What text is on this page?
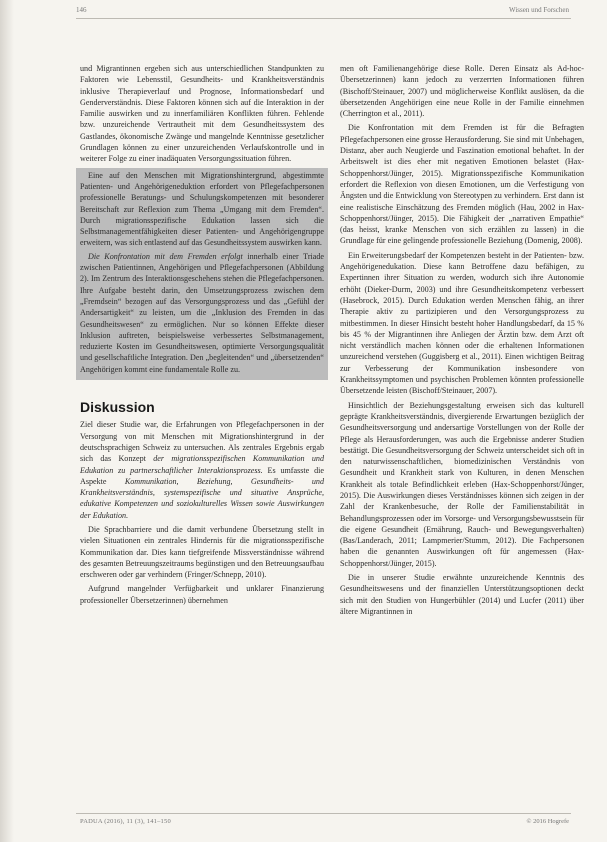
146	Wissen und Forschen

und Migrantinnen ergeben sich aus unterschiedlichen Standpunkten zu Faktoren wie Lebensstil, Gesundheits- und Krankheitsverständnis inklusive Therapieverlauf und Prognose, Informationsbedarf und Genderverständnis. Diese Faktoren können sich auf die Interaktion in der Familie auswirken und zu innerfamiliären Konflikten führen. Fehlende bzw. unzureichende Vertrautheit mit dem Gesundheitssystem des Gastlandes, ökonomische Zwänge und mangelnde Kenntnisse gesetzlicher Grundlagen können zu einer unzureichenden Verlaufskontrolle und in weiterer Folge zu einer inadäquaten Versorgungssituation führen.

Eine auf den Menschen mit Migrationshintergrund, abgestimmte Patienten- und Angehörigeneduktion erfordert von Pflegefachpersonen professionelle Beratungs- und Schulungskompetenzen mit besonderer Bereitschaft zur Reflexion zum Thema „Umgang mit dem Fremden“. Durch migrationsspezifische Edukation lassen sich die Selbstmanagementfähigkeiten dieser Patienten- und Angehörigengruppe erweitern, was sich entlastend auf das Gesundheitssystem auswirken kann.

Die Konfrontation mit dem Fremden erfolgt innerhalb einer Triade zwischen Patientinnen, Angehörigen und Pflegefachpersonen (Abbildung 2). Im Zentrum des Interaktionsgeschehens stehen die Pflegefachpersonen. Ihre Aufgabe besteht darin, den Umsetzungsprozess zwischen dem „Fremdsein“ bezogen auf das Versorgungsprozess und das „Gefühl der Andersartigkeit“ zu leisten, um die „Inklusion des Fremden in das Gesundheitswesen“ zu ermöglichen. Nur so können Effekte dieser Inklusion auftreten, beispielsweise verbessertes Selbstmanagement, reduzierte Kosten im Gesundheitswesen, optimierte Versorgungsqualität und gesellschaftliche Integration. Den „begleitenden“ und „übersetzenden“ Angehörigen kommt eine fundamentale Rolle zu.

Diskussion

Ziel dieser Studie war, die Erfahrungen von Pflegefachpersonen in der Versorgung von mit Menschen mit Migrationshintergrund in der deutschsprachigen Schweiz zu untersuchen. Als zentrales Ergebnis ergab sich das Konzept der migrationsspezifischen Kommunikation und Edukation zu partnerschaftlicher Interaktionsprozess. Es umfasste die Aspekte Kommunikation, Beziehung, Gesundheits- und Krankheitsverständnis, systemspezifische und situative Ansprüche, edukative Kompetenzen und soziokulturelles Wissen sowie Auswirkungen der Edukation.

Die Sprachbarriere und die damit verbundene Übersetzung stellt in vielen Situationen ein zentrales Hindernis für die migrationsspezifische Kommunikation dar. Dies kann tiefgreifende Missverständnisse während des gesamten Betreuungszeitraums begünstigen und den Betreuungsaufbau erschweren oder gar verhindern (Fringer/Schnepp, 2010).

Aufgrund mangelnder Verfügbarkeit und unklarer Finanzierung professioneller Übersetzerinnen) übernehmen

men oft Familienangehörige diese Rolle. Deren Einsatz als Ad-hoc-Übersetzerinnen) kann jedoch zu verzerrten Informationen führen (Bischoff/Steinauer, 2007) und möglicherweise Konflikt auslösen, da die übersetzenden Angehörigen eine neue Rolle in der Familie einnehmen (Cherrington et al., 2011).

Die Konfrontation mit dem Fremden ist für die Befragten Pflegefachpersonen eine grosse Herausforderung. Sie sind mit Unbehagen, Distanz, aber auch Neugierde und Faszination emotional behaftet. In der Arbeitswelt ist dies eher mit negativen Emotionen belastet (Hax-Schoppenhorst/Jünger, 2015). Migrationsspezifische Kommunikation erfordert die Reflexion von diesen Emotionen, um die Verfestigung von Ängsten und die Entwicklung von Stereotypen zu verhindern. Erst dann ist eine realistische Einschätzung des Fremden möglich (Hau, 2002 in Hax-Schoppenhorst/Jünger, 2015). Die Fähigkeit der „narrativen Empathie“ (das heisst, kranke Menschen von sich erzählen zu lassen) in die Grundlage für eine gelingende professionelle Beziehung (Domenig, 2008).

Ein Erweiterungsbedarf der Kompetenzen besteht in der Patienten- bzw. Angehörigenedukation. Diese kann Betroffene dazu befähigen, zu Expertinnen ihrer Situation zu werden, wodurch sich ihre Autonomie erhöht (Dieker-Durm, 2003) und ihre Gesundheitskompetenz verbessert (Hasebrock, 2015). Durch Edukation werden Menschen fähig, an ihrer Therapie aktiv zu partizipieren und den Versorgungsprozess zu mitbestimmen. In dieser Hinsicht besteht hoher Handlungsbedarf, da 15 % bis 45 % der Migrantinnen ihre Anliegen der Ärztin bzw. dem Arzt oft nicht verständlich machen können oder die erhaltenen Informationen unzureichend verstehen (Guggisberg et al., 2011). Einen wichtigen Beitrag zur Verbesserung der Kommunikation insbesondere von Krankheitssymptomen und psychischen Problemen könnten professionelle Übersetzende leisten (Bischoff/Steinauer, 2007).

Hinsichtlich der Beziehungsgestaltung erweisen sich das kulturell geprägte Krankheitsverständnis, divergierende Erwartungen bezüglich der Gesundheitsversorgung und andersartige Vorstellungen von der Rolle der Pflege als Herausforderungen, was auch die Ergebnisse anderer Studien bestätigt. Die Gesundheitsversorgung der Schweiz unterscheidet sich oft in den naturwissenschaftlichen, biomedizinischen Verständnis von Gesundheit und Krankheit stark von Kulturen, in denen Menschen Krankheit als totale Befindlichkeit erleben (Hax-Schoppenhorst/Jünger, 2015). Die Auswirkungen dieses Verständnisses können sich zeigen in der Zahl der Krankenbesuche, der Rolle der Familienstabilität in Behandlungsprozessen oder im Vorsorge- und Versorgungsbewusstsein für die eigene Gesundheit (Ernährung, Rauch- und Bewegungsverhalten) (Bas/Landerach, 2011; Lampmerier/Stumm, 2012). Die Fachpersonen haben die genannten Auswirkungen oft für angemessen (Hax-Schoppenhorst/Jünger, 2015).

Die in unserer Studie erwähnte unzureichende Kenntnis des Gesundheitswesens und der finanziellen Unterstützungsoptionen deckt sich mit den Studien von Hungerbühler (2014) und Lucfer (2011) über ältere Migrantinnen in

PADUA (2016), 11 (3), 141–150	© 2016 Hogrefe
